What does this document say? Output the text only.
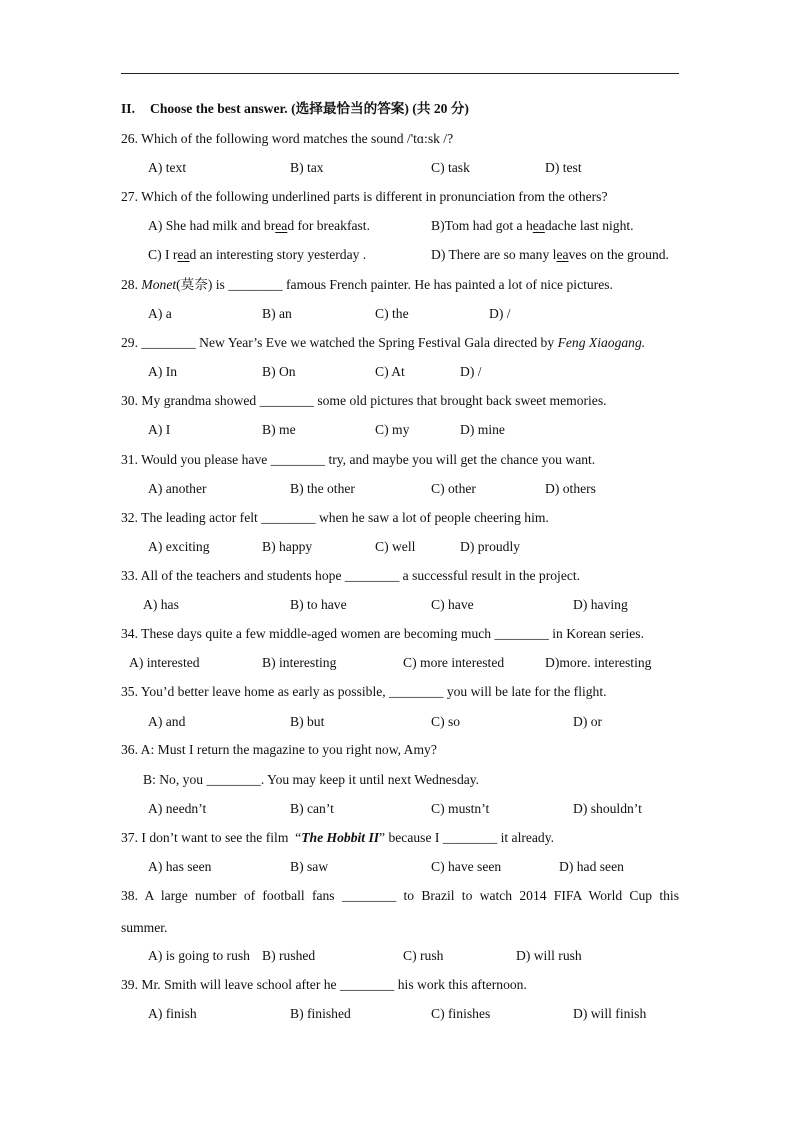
II. Choose the best answer. (选择最恰当的答案) (共 20 分)
26. Which of the following word matches the sound /'tɑ:sk /?
A) text	B) tax	C) task	D) test
27. Which of the following underlined parts is different in pronunciation from the others?
A) She had milk and bread for breakfast.	B)Tom had got a headache last night.
C) I read an interesting story yesterday .	D) There are so many leaves on the ground.
28. Monet(莫奈) is ________ famous French painter. He has painted a lot of nice pictures.
A) a	B) an	C) the	D) /
29. ________ New Year’s Eve we watched the Spring Festival Gala directed by Feng Xiaogang.
A) In	B) On	C) At	D) /
30. My grandma showed ________ some old pictures that brought back sweet memories.
A) I	B) me	C) my	D) mine
31. Would you please have ________ try, and maybe you will get the chance you want.
A) another	B) the other	C) other	D) others
32. The leading actor felt ________ when he saw a lot of people cheering him.
A) exciting	B) happy	C) well	D) proudly
33. All of the teachers and students hope ________ a successful result in the project.
A) has	B) to have	C) have	D) having
34. These days quite a few middle-aged women are becoming much ________ in Korean series.
A) interested	B) interesting	C) more interested	D)more. interesting
35. You’d better leave home as early as possible, ________ you will be late for the flight.
A) and	B) but	C) so	D) or
36. A: Must I return the magazine to you right now, Amy?
B: No, you ________. You may keep it until next Wednesday.
A) needn’t	B) can’t	C) mustn’t	D) shouldn’t
37. I don’t want to see the film  “The Hobbit II” because I ________ it already.
A) has seen	B) saw	C) have seen	D) had seen
38. A large number of football fans ________ to Brazil to watch 2014 FIFA World Cup this
summer.
A) is going to rush B) rushed	C) rush	D) will rush
39. Mr. Smith will leave school after he ________ his work this afternoon.
A) finish	B) finished	C) finishes	D) will finish
